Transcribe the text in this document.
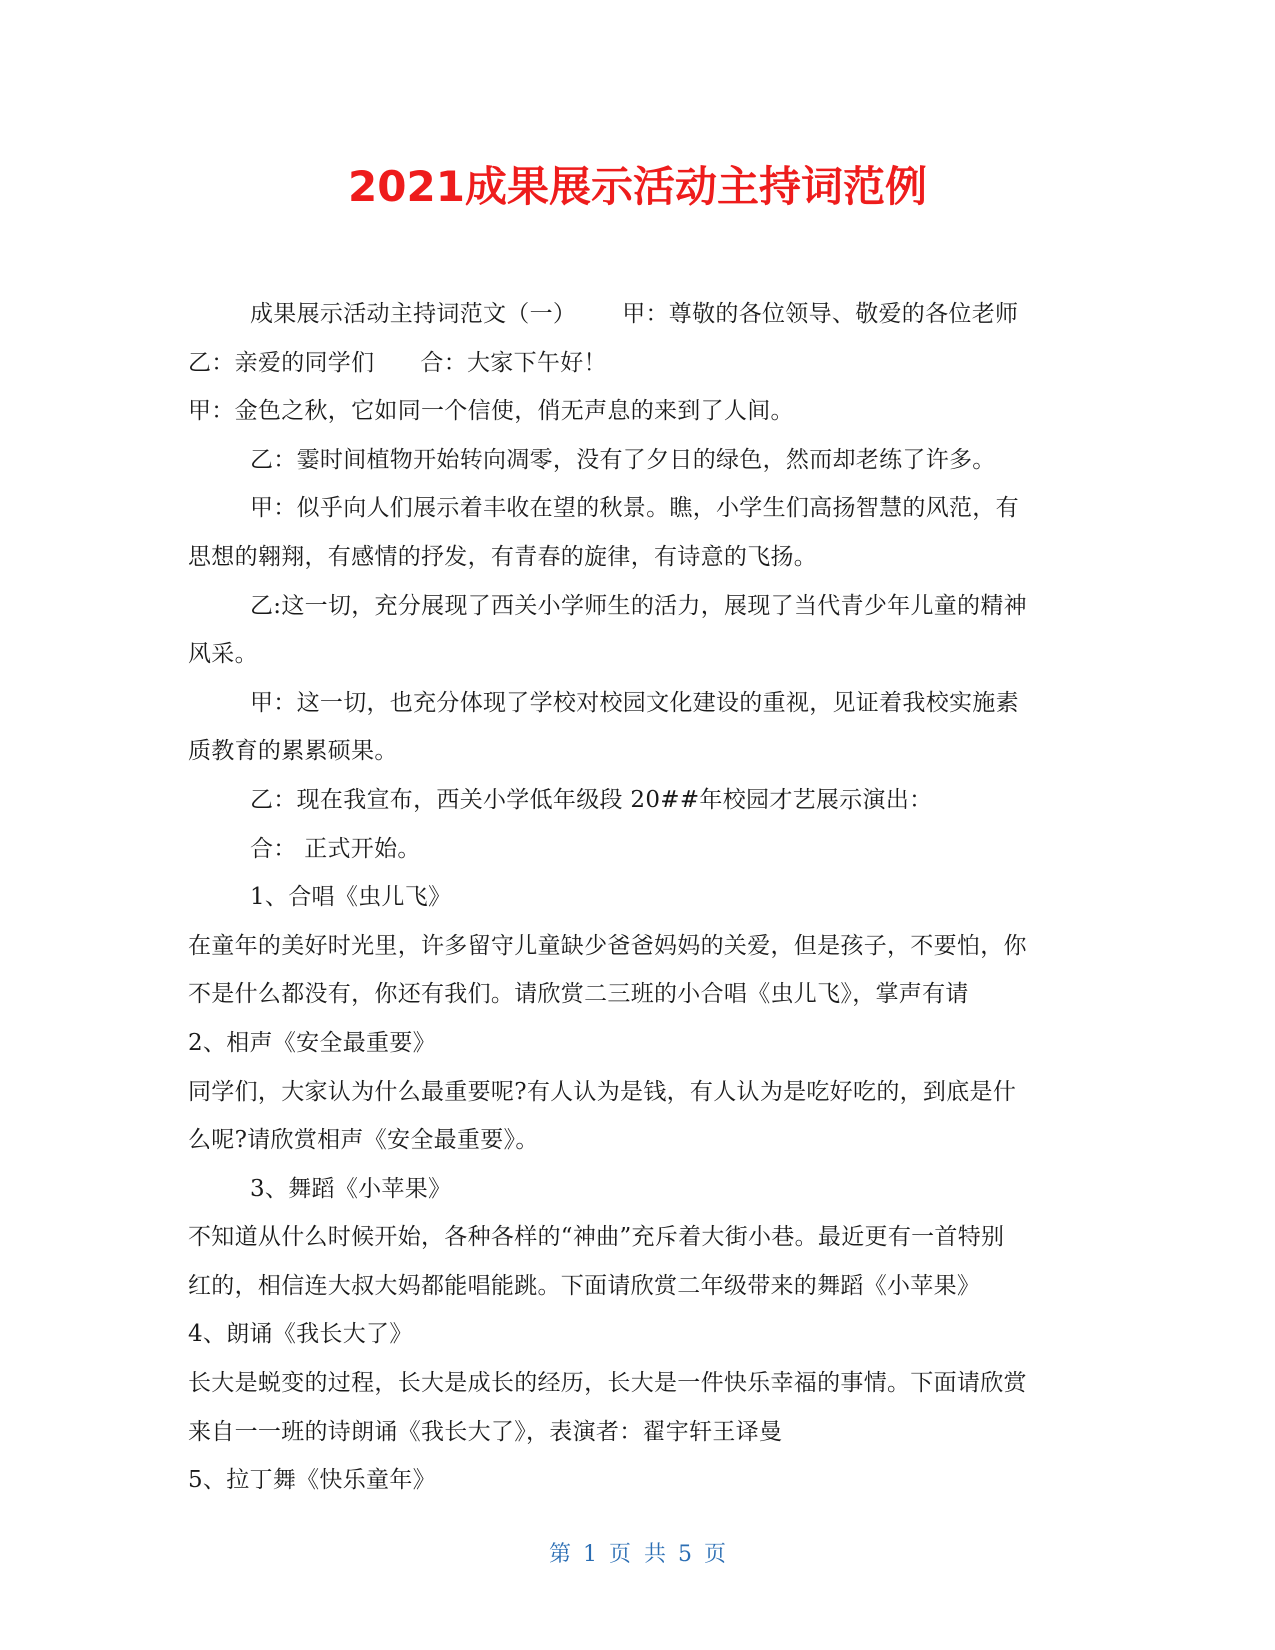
2021成果展示活动主持词范例
成果展示活动主持词范文（一） 甲：尊敬的各位领导、敬爱的各位老师
乙：亲爱的同学们 合：大家下午好！
甲：金色之秋，它如同一个信使，俏无声息的来到了人间。
乙：霎时间植物开始转向凋零，没有了夕日的绿色，然而却老练了许多。
甲：似乎向人们展示着丰收在望的秋景。瞧，小学生们高扬智慧的风范，有
思想的翱翔，有感情的抒发，有青春的旋律，有诗意的飞扬。
乙:这一切，充分展现了西关小学师生的活力，展现了当代青少年儿童的精神
风采。
甲：这一切，也充分体现了学校对校园文化建设的重视，见证着我校实施素
质教育的累累硕果。
乙：现在我宣布，西关小学低年级段 20##年校园才艺展示演出：
合： 正式开始。
1、合唱《虫儿飞》
在童年的美好时光里，许多留守儿童缺少爸爸妈妈的关爱，但是孩子，不要怕，你
不是什么都没有，你还有我们。请欣赏二三班的小合唱《虫儿飞》，掌声有请
2、相声《安全最重要》
同学们，大家认为什么最重要呢?有人认为是钱，有人认为是吃好吃的，到底是什
么呢?请欣赏相声《安全最重要》。
3、舞蹈《小苹果》
不知道从什么时候开始，各种各样的“神曲”充斥着大街小巷。最近更有一首特别
红的，相信连大叔大妈都能唱能跳。下面请欣赏二年级带来的舞蹈《小苹果》
4、朗诵《我长大了》
长大是蜕变的过程，长大是成长的经历，长大是一件快乐幸福的事情。下面请欣赏
来自一一班的诗朗诵《我长大了》，表演者：翟宇轩王译曼
5、拉丁舞《快乐童年》
第 1 页 共 5 页
